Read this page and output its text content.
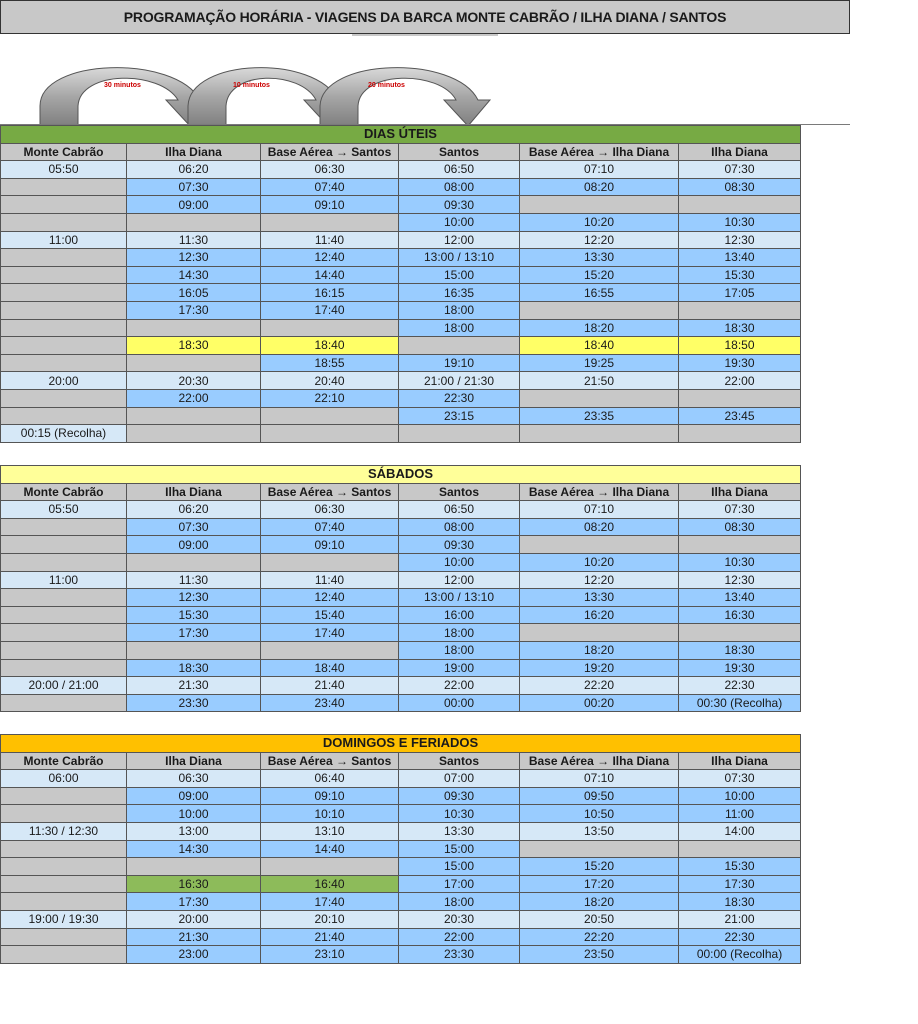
PROGRAMAÇÃO HORÁRIA - VIAGENS DA BARCA MONTE CABRÃO / ILHA DIANA / SANTOS
30 minutos	10 minutos	20 minutos
DIAS ÚTEIS					
Monte Cabrão	Ilha Diana	Base Aérea → Santos	Santos	Base Aérea → Ilha Diana	Ilha Diana
05:50	06:20	06:30	06:50	07:10	07:30
	07:30	07:40	08:00	08:20	08:30
	09:00	09:10	09:30		
			10:00	10:20	10:30
11:00	11:30	11:40	12:00	12:20	12:30
	12:30	12:40	13:00 / 13:10	13:30	13:40
	14:30	14:40	15:00	15:20	15:30
	16:05	16:15	16:35	16:55	17:05
	17:30	17:40	18:00		
			18:00	18:20	18:30
	18:30	18:40		18:40	18:50
		18:55	19:10	19:25	19:30
20:00	20:30	20:40	21:00 / 21:30	21:50	22:00
	22:00	22:10	22:30		
			23:15	23:35	23:45
00:15 (Recolha)					
SÁBADOS					
Monte Cabrão	Ilha Diana	Base Aérea → Santos	Santos	Base Aérea → Ilha Diana	Ilha Diana
05:50	06:20	06:30	06:50	07:10	07:30
	07:30	07:40	08:00	08:20	08:30
	09:00	09:10	09:30		
			10:00	10:20	10:30
11:00	11:30	11:40	12:00	12:20	12:30
	12:30	12:40	13:00 / 13:10	13:30	13:40
	15:30	15:40	16:00	16:20	16:30
	17:30	17:40	18:00		
			18:00	18:20	18:30
	18:30	18:40	19:00	19:20	19:30
20:00 / 21:00	21:30	21:40	22:00	22:20	22:30
	23:30	23:40	00:00	00:20	00:30 (Recolha)
DOMINGOS E FERIADOS					
Monte Cabrão	Ilha Diana	Base Aérea → Santos	Santos	Base Aérea → Ilha Diana	Ilha Diana
06:00	06:30	06:40	07:00	07:10	07:30
	09:00	09:10	09:30	09:50	10:00
	10:00	10:10	10:30	10:50	11:00
11:30 / 12:30	13:00	13:10	13:30	13:50	14:00
	14:30	14:40	15:00		
			15:00	15:20	15:30
	16:30	16:40	17:00	17:20	17:30
	17:30	17:40	18:00	18:20	18:30
19:00 / 19:30	20:00	20:10	20:30	20:50	21:00
	21:30	21:40	22:00	22:20	22:30
	23:00	23:10	23:30	23:50	00:00 (Recolha)
